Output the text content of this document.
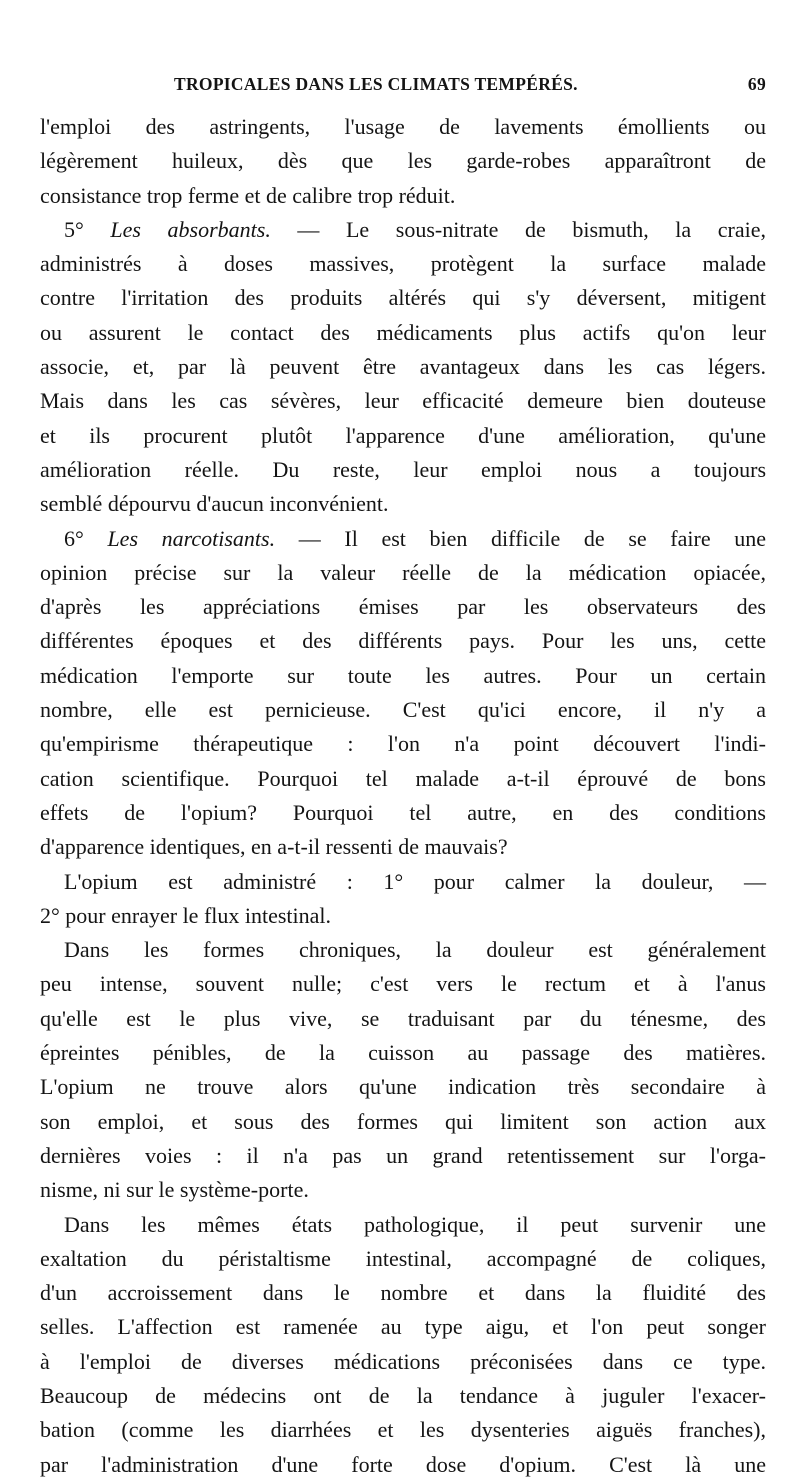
TROPICALES DANS LES CLIMATS TEMPÉRÉS.	69
l'emploi des astringents, l'usage de lavements émollients ou
légèrement huileux, dès que les garde-robes apparaîtront de
consistance trop ferme et de calibre trop réduit.
5° Les absorbants. — Le sous-nitrate de bismuth, la craie,
administrés à doses massives, protègent la surface malade
contre l'irritation des produits altérés qui s'y déversent, mitigent
ou assurent le contact des médicaments plus actifs qu'on leur
associe, et, par là peuvent être avantageux dans les cas légers.
Mais dans les cas sévères, leur efficacité demeure bien douteuse
et ils procurent plutôt l'apparence d'une amélioration, qu'une
amélioration réelle. Du reste, leur emploi nous a toujours
semblé dépourvu d'aucun inconvénient.
6° Les narcotisants. — Il est bien difficile de se faire une
opinion précise sur la valeur réelle de la médication opiacée,
d'après les appréciations émises par les observateurs des
différentes époques et des différents pays. Pour les uns, cette
médication l'emporte sur toute les autres. Pour un certain
nombre, elle est pernicieuse. C'est qu'ici encore, il n'y a
qu'empirisme thérapeutique : l'on n'a point découvert l'indi-
cation scientifique. Pourquoi tel malade a-t-il éprouvé de bons
effets de l'opium? Pourquoi tel autre, en des conditions
d'apparence identiques, en a-t-il ressenti de mauvais?
L'opium est administré : 1° pour calmer la douleur, —
2° pour enrayer le flux intestinal.
Dans les formes chroniques, la douleur est généralement
peu intense, souvent nulle; c'est vers le rectum et à l'anus
qu'elle est le plus vive, se traduisant par du ténesme, des
épreintes pénibles, de la cuisson au passage des matières.
L'opium ne trouve alors qu'une indication très secondaire à
son emploi, et sous des formes qui limitent son action aux
dernières voies : il n'a pas un grand retentissement sur l'orga-
nisme, ni sur le système-porte.
Dans les mêmes états pathologique, il peut survenir une
exaltation du péristaltisme intestinal, accompagné de coliques,
d'un accroissement dans le nombre et dans la fluidité des
selles. L'affection est ramenée au type aigu, et l'on peut songer
à l'emploi de diverses médications préconisées dans ce type.
Beaucoup de médecins ont de la tendance à juguler l'exacer-
bation (comme les diarrhées et les dysenteries aiguës franches),
par l'administration d'une forte dose d'opium. C'est là une
